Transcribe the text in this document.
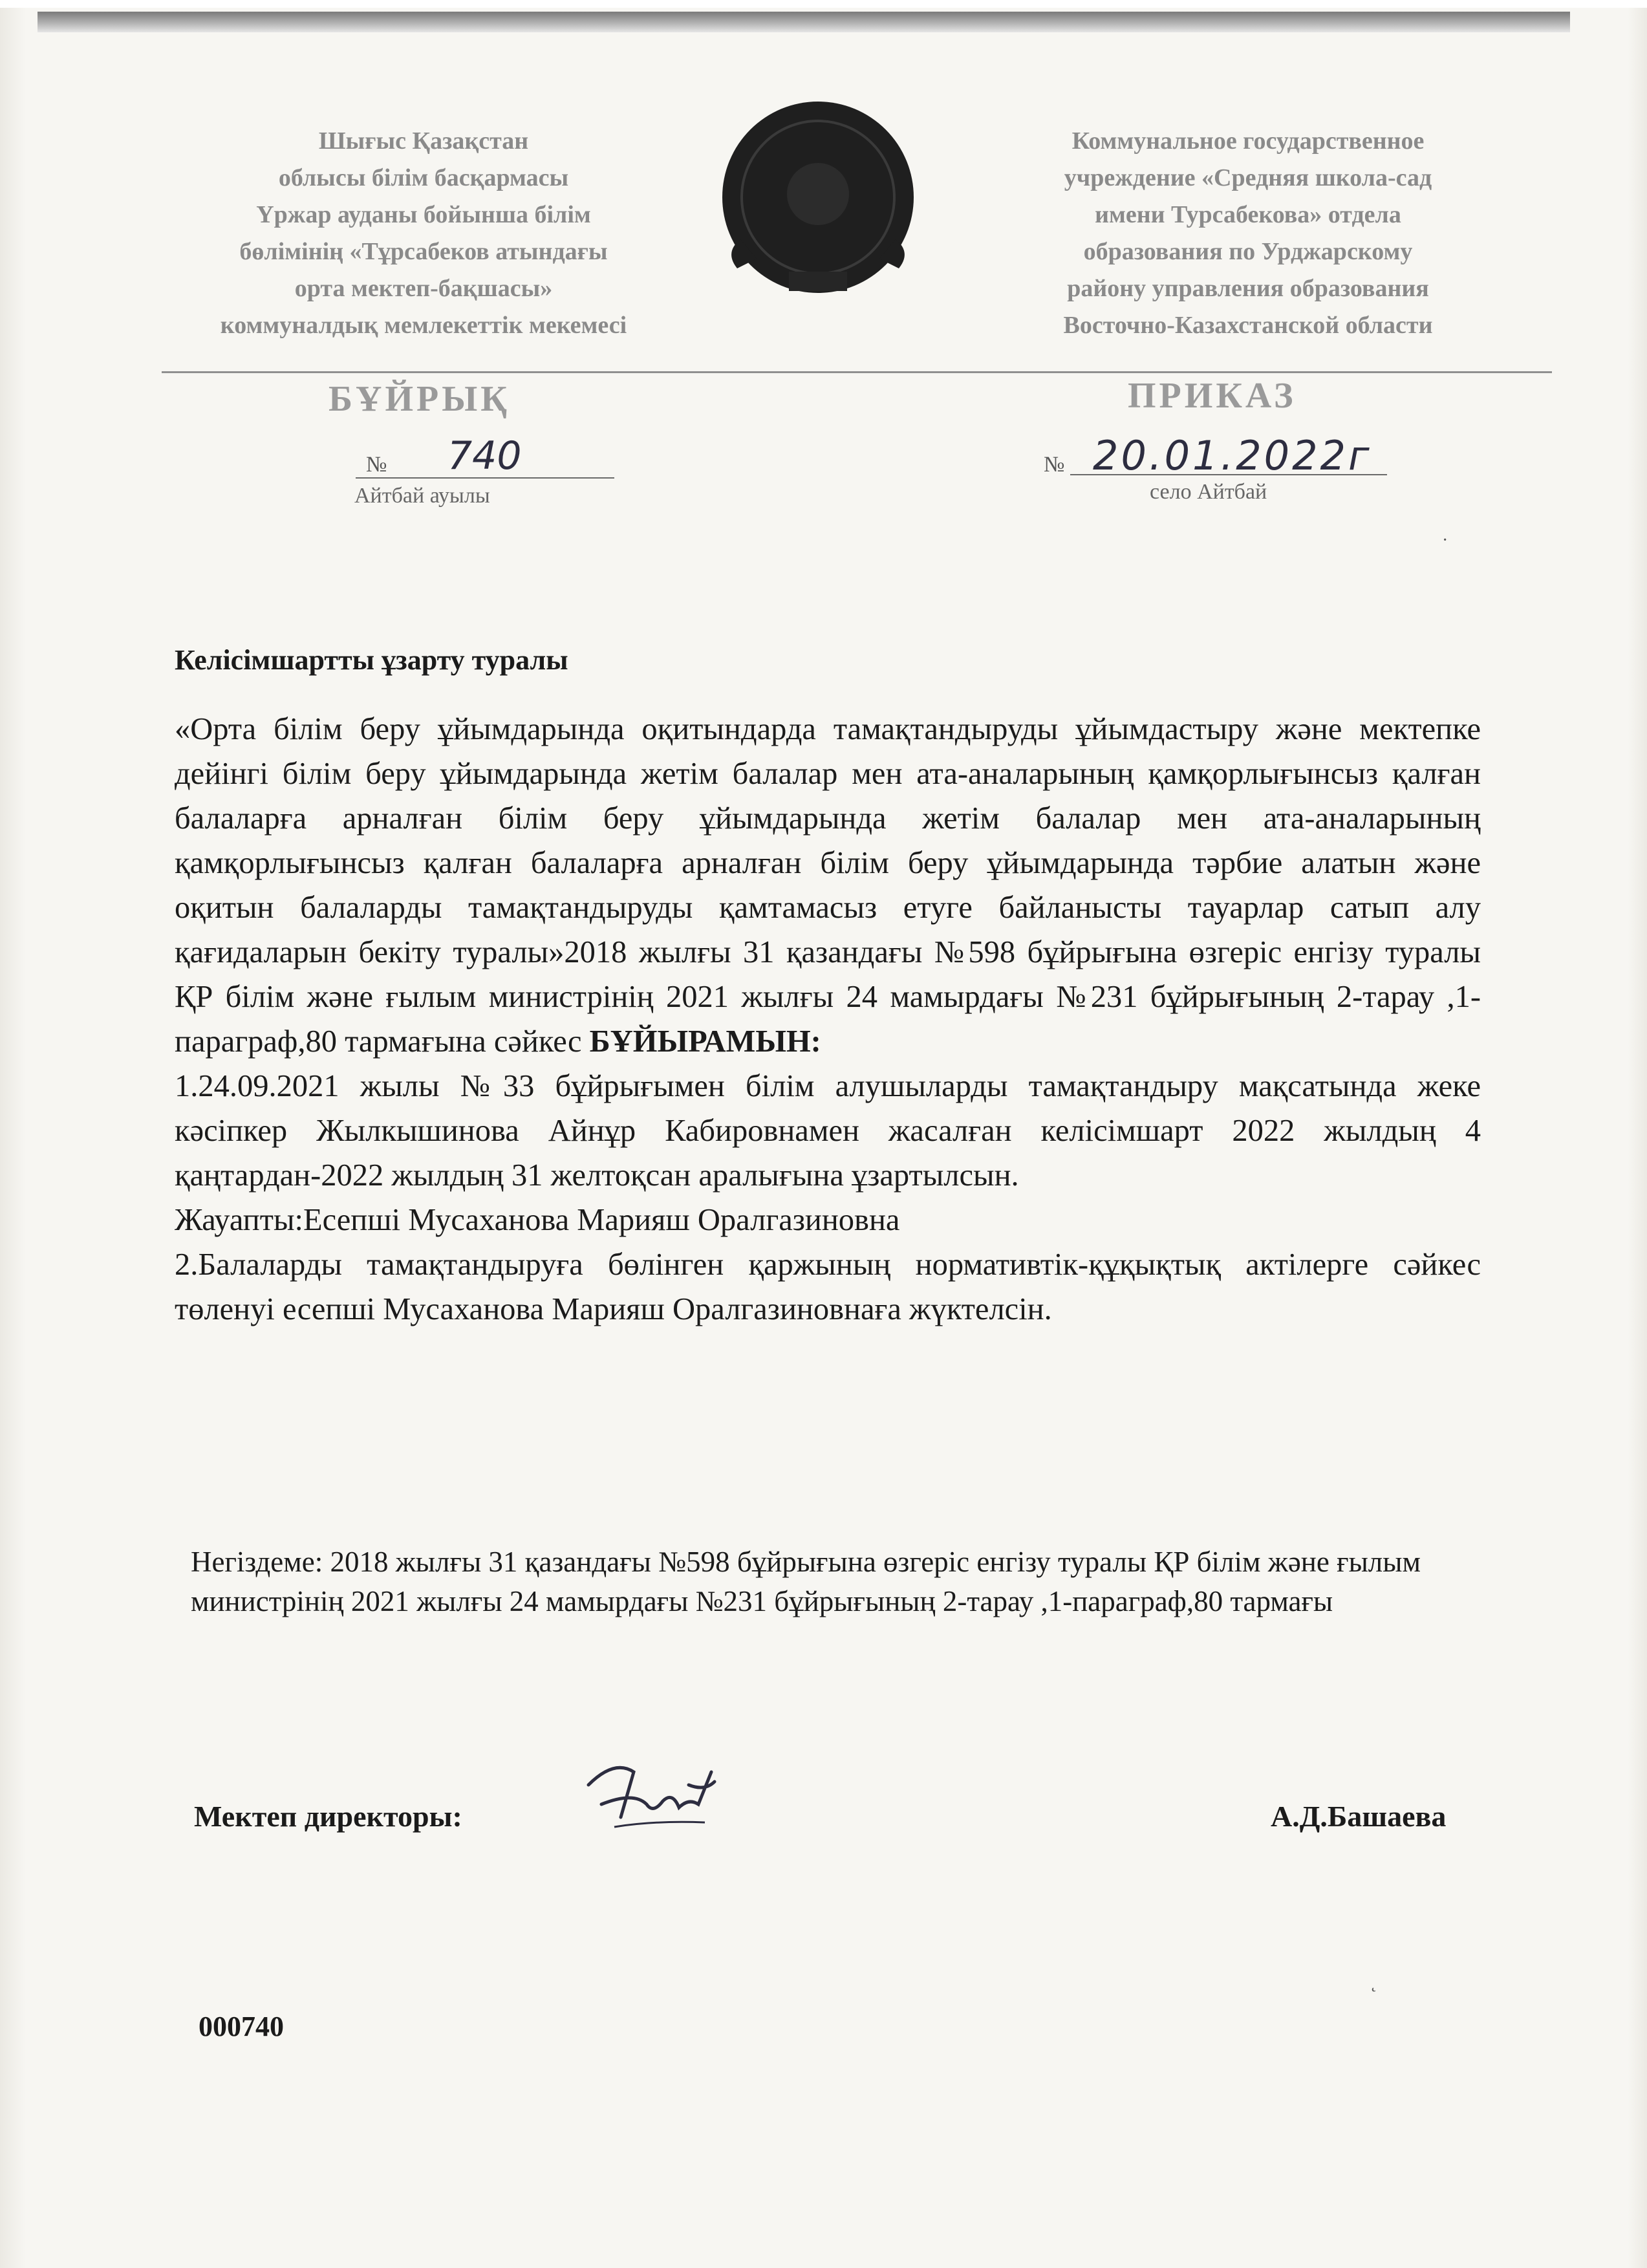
Шығыс Қазақстан
облысы білім басқармасы
Үржар ауданы бойынша білім
бөлімінің «Тұрсабеков атындағы
орта мектеп-бақшасы»
коммуналдық мемлекеттік мекемесі
Коммунальное государственное
учреждение «Средняя школа-сад
имени Турсабекова» отдела
образования по Урджарскому
району управления образования
Восточно-Казахстанской области
БҰЙРЫҚ	ПРИКАЗ
№ 740
Айтбай ауылы
№ 20.01.2022г
село Айтбай
·
Келісімшартты ұзарту туралы

«Орта білім беру ұйымдарында оқитындарда тамақтандыруды ұйымдастыру және мектепке дейінгі білім беру ұйымдарында жетім балалар мен ата-аналарының қамқорлығынсыз қалған балаларға арналған білім беру ұйымдарында жетім балалар мен ата-аналарының қамқорлығынсыз қалған балаларға арналған білім беру ұйымдарында тәрбие алатын және оқитын балаларды тамақтандыруды қамтамасыз етуге байланысты тауарлар сатып алу қағидаларын бекіту туралы»2018 жылғы 31 қазандағы №598 бұйрығына өзгеріс енгізу туралы ҚР білім және ғылым министрінің 2021 жылғы 24 мамырдағы №231 бұйрығының 2-тарау ,1-параграф,80 тармағына сәйкес БҰЙЫРАМЫН:

1.24.09.2021 жылы №33 бұйрығымен білім алушыларды тамақтандыру мақсатында жеке кәсіпкер Жылкышинова Айнұр Кабировнамен жасалған келісімшарт 2022 жылдың 4 қаңтардан-2022 жылдың 31 желтоқсан аралығына ұзартылсын.

Жауапты:Есепші Мусаханова Марияш Оралгазиновна

2.Балаларды тамақтандыруға бөлінген қаржының нормативтік-құқықтық актілерге сәйкес төленуі есепші Мусаханова Марияш Оралгазиновнаға жүктелсін.

Негіздеме: 2018 жылғы 31 қазандағы №598 бұйрығына өзгеріс енгізу туралы ҚР білім және ғылым министрінің 2021 жылғы 24 мамырдағы №231 бұйрығының 2-тарау ,1-параграф,80 тармағы
Мектеп директоры:	А.Д.Башаева
˛
000740
